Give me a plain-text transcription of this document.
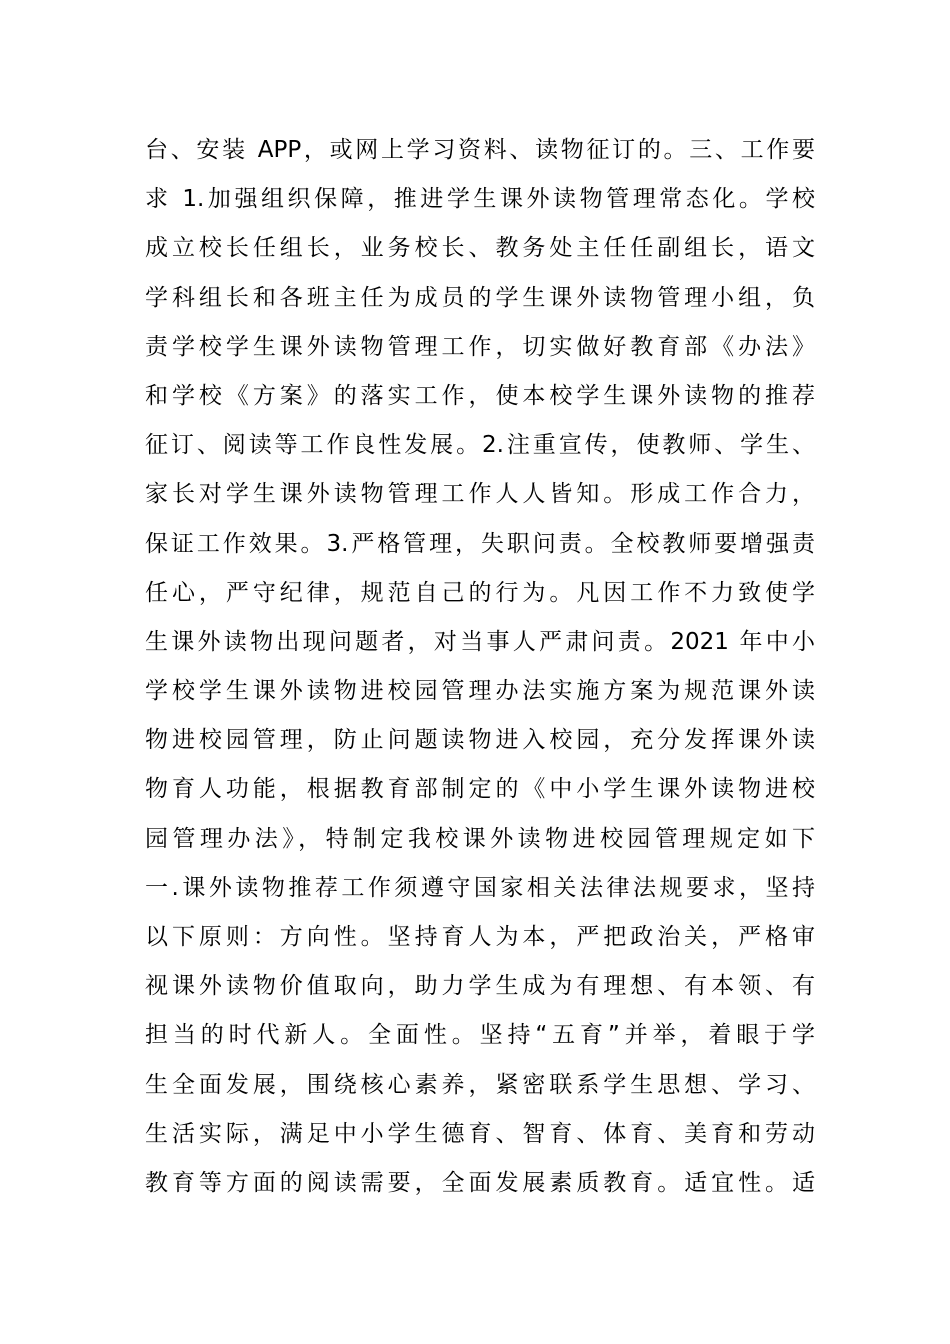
台、安装 APP，或网上学习资料、读物征订的。三、工作要
求 1.加强组织保障，推进学生课外读物管理常态化。学校
成立校长任组长，业务校长、教务处主任任副组长，语文
学科组长和各班主任为成员的学生课外读物管理小组，负
责学校学生课外读物管理工作，切实做好教育部《办法》
和学校《方案》的落实工作，使本校学生课外读物的推荐
征订、阅读等工作良性发展。2.注重宣传，使教师、学生、
家长对学生课外读物管理工作人人皆知。形成工作合力，
保证工作效果。3.严格管理，失职问责。全校教师要增强责
任心，严守纪律，规范自己的行为。凡因工作不力致使学
生课外读物出现问题者，对当事人严肃问责。2021 年中小
学校学生课外读物进校园管理办法实施方案为规范课外读
物进校园管理，防止问题读物进入校园，充分发挥课外读
物育人功能，根据教育部制定的《中小学生课外读物进校
园管理办法》，特制定我校课外读物进校园管理规定如下
一.课外读物推荐工作须遵守国家相关法律法规要求，坚持
以下原则：方向性。坚持育人为本，严把政治关，严格审
视课外读物价值取向，助力学生成为有理想、有本领、有
担当的时代新人。全面性。坚持“五育”并举，着眼于学
生全面发展，围绕核心素养，紧密联系学生思想、学习、
生活实际，满足中小学生德育、智育、体育、美育和劳动
教育等方面的阅读需要，全面发展素质教育。适宜性。适
